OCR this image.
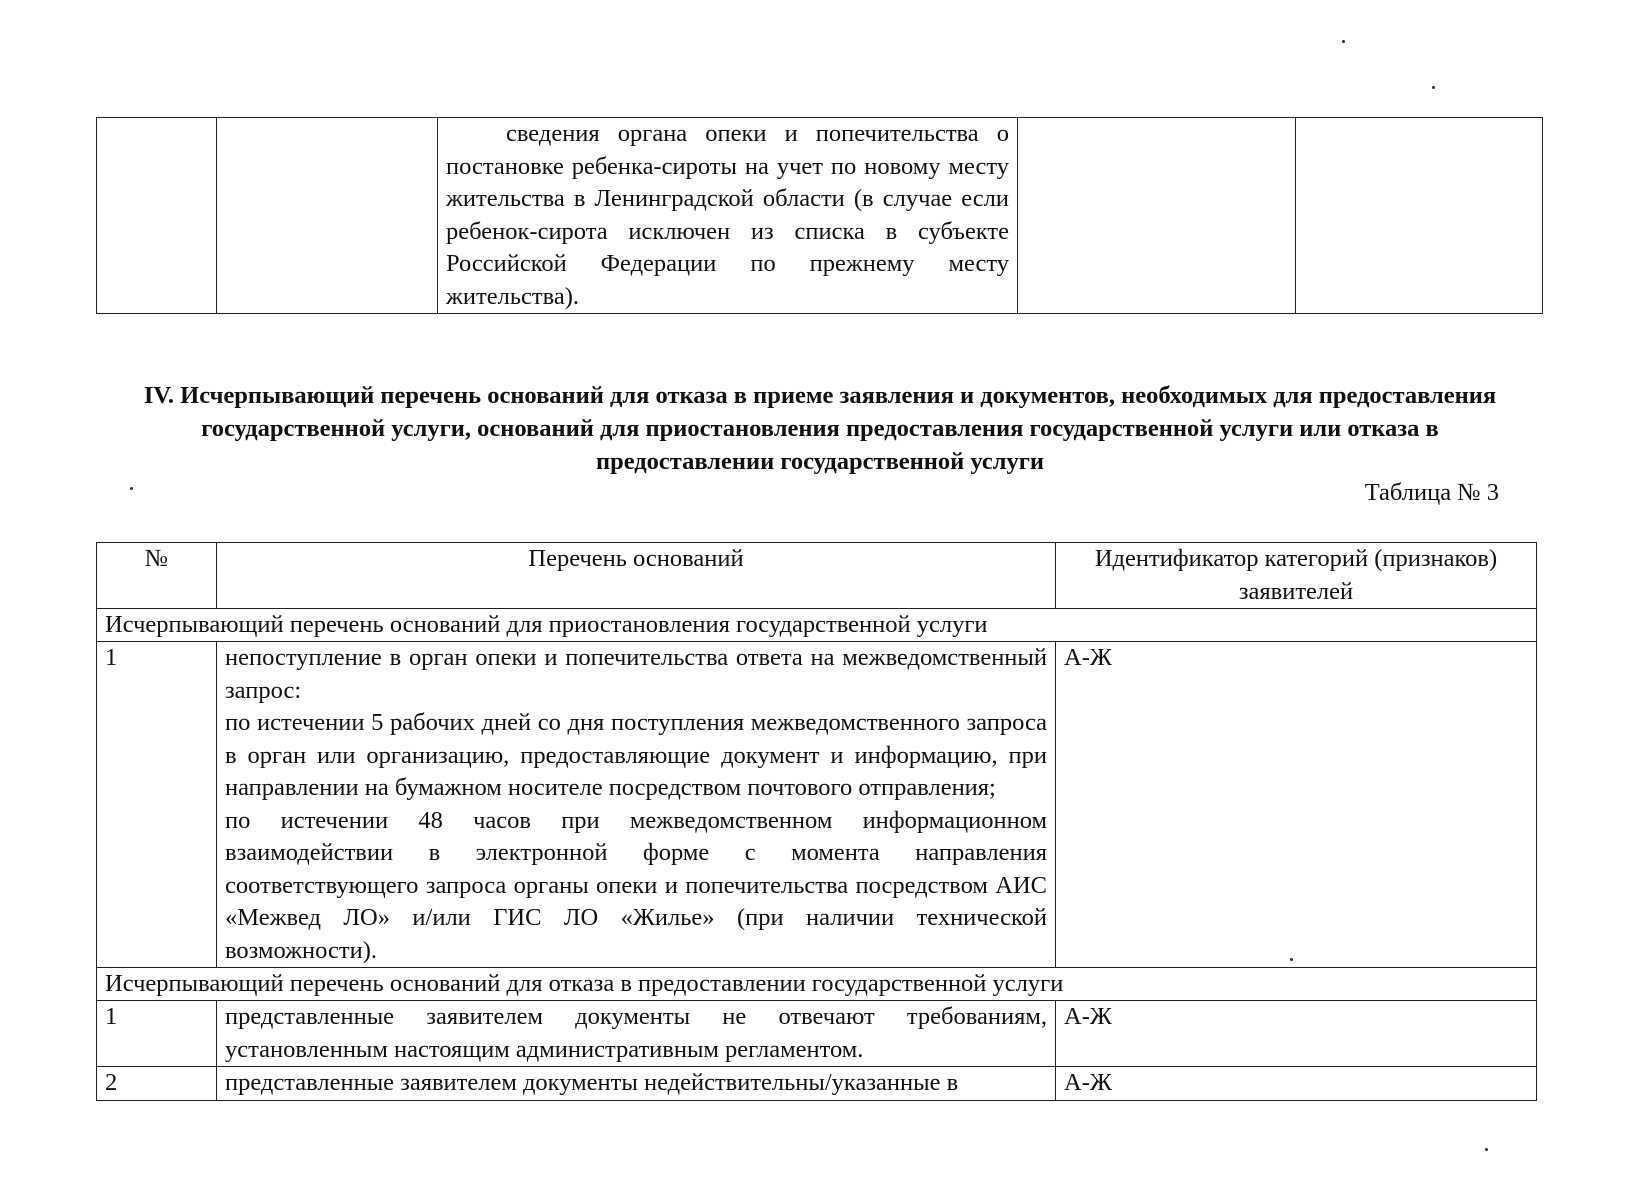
		сведения органа опеки и попечительства о постановке ребенка-сироты на учет по новому месту жительства в Ленинградской области (в случае если ребенок-сирота исключен из списка в субъекте Российской Федерации по прежнему месту жительства).		

IV. Исчерпывающий перечень оснований для отказа в приеме заявления и документов, необходимых для предоставления государственной услуги, оснований для приостановления предоставления государственной услуги или отказа в предоставлении государственной услуги

Таблица № 3
№	Перечень оснований	Идентификатор категорий (признаков) заявителей
Исчерпывающий перечень оснований для приостановления государственной услуги		
1	непоступление в орган опеки и попечительства ответа на межведомственный запрос:
по истечении 5 рабочих дней со дня поступления межведомственного запроса в орган или организацию, предоставляющие документ и информацию, при направлении на бумажном носителе посредством почтового отправления;
по истечении 48 часов при межведомственном информационном взаимодействии в электронной форме с момента направления соответствующего запроса органы опеки и попечительства посредством АИС «Межвед ЛО» и/или ГИС ЛО «Жилье» (при наличии технической возможности).	А-Ж
Исчерпывающий перечень оснований для отказа в предоставлении государственной услуги		
1	представленные заявителем документы не отвечают требованиям, установленным настоящим административным регламентом.	А-Ж
2	представленные заявителем документы недействительны/указанные в	А-Ж
